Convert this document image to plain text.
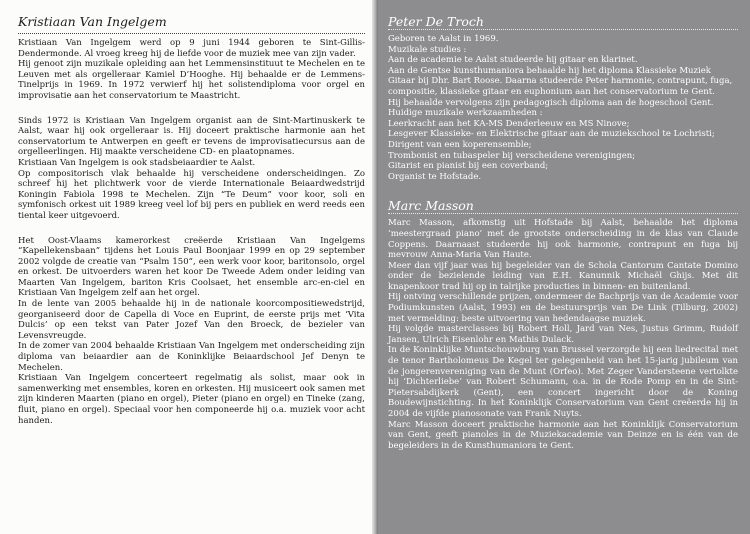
Kristiaan Van Ingelgem

Kristiaan Van Ingelgem werd op 9 juni 1944 geboren te Sint-Gillis-Dendermonde. Al vroeg kreeg hij de liefde voor de muziek mee van zijn vader.

Hij genoot zijn muzikale opleiding aan het Lemmensinstituut te Mechelen en te Leuven met als orgelleraar Kamiel D’Hooghe. Hij behaalde er de Lemmens-Tinelprijs in 1969. In 1972 verwierf hij het solistendiploma voor orgel en improvisatie aan het conservatorium te Maastricht.

Sinds 1972 is Kristiaan Van Ingelgem organist aan de Sint-Martinuskerk te Aalst, waar hij ook orgelleraar is. Hij doceert praktische harmonie aan het conservatorium te Antwerpen en geeft er tevens de improvisatiecursus aan de orgelleerlingen. Hij maakte verscheidene CD- en plaatopnames.

Kristiaan Van Ingelgem is ook stadsbeiaardier te Aalst.

Op compositorisch vlak behaalde hij verscheidene onderscheidingen. Zo schreef hij het plichtwerk voor de vierde Internationale Beiaardwedstrijd Koningin Fabiola 1998 te Mechelen. Zijn “Te Deum” voor koor, soli en symfonisch orkest uit 1989 kreeg veel lof bij pers en publiek en werd reeds een tiental keer uitgevoerd.

Het Oost-Vlaams kamerorkest creëerde Kristiaan Van Ingelgems “Kapellekensbaan” tijdens het Louis Paul Boonjaar 1999 en op 29 september 2002 volgde de creatie van “Psalm 150”, een werk voor koor, baritonsolo, orgel en orkest. De uitvoerders waren het koor De Tweede Adem onder leiding van Maarten Van Ingelgem, bariton Kris Coolsaet, het ensemble arc-en-ciel en Kristiaan Van Ingelgem zelf aan het orgel.

In de lente van 2005 behaalde hij in de nationale koorcompositiewedstrijd, georganiseerd door de Capella di Voce en Euprint, de eerste prijs met ‘Vita Dulcis’ op een tekst van Pater Jozef Van den Broeck, de bezieler van Levensvreugde.

In de zomer van 2004 behaalde Kristiaan Van Ingelgem met onderscheiding zijn diploma van beiaardier aan de Koninklijke Beiaardschool Jef Denyn te Mechelen.

Kristiaan Van Ingelgem concerteert regelmatig als solist, maar ook in samenwerking met ensembles, koren en orkesten. Hij musiceert ook samen met zijn kinderen Maarten (piano en orgel), Pieter (piano en orgel) en Tineke (zang, fluit, piano en orgel). Speciaal voor hen componeerde hij o.a. muziek voor acht handen.

Peter De Troch

Geboren te Aalst in 1969.

Muzikale studies :

Aan de academie te Aalst studeerde hij gitaar en klarinet.

Aan de Gentse kunsthumaniora behaalde hij het diploma Klassieke Muziek Gitaar bij Dhr. Bart Roose. Daarna studeerde Peter harmonie, contrapunt, fuga, compositie, klassieke gitaar en euphonium aan het conservatorium te Gent.

Hij behaalde vervolgens zijn pedagogisch diploma aan de hogeschool Gent.

Huidige muzikale werkzaamheden :

Leerkracht aan het KA-MS Denderleeuw en MS Ninove;

Lesgever Klassieke- en Elektrische gitaar aan de muziekschool te Lochristi;

Dirigent van een koperensemble;

Trombonist en tubaspeler bij verscheidene verenigingen;

Gitarist en pianist bij een coverband;

Organist te Hofstade.

Marc Masson

Marc Masson, afkomstig uit Hofstade bij Aalst, behaalde het diploma ‘meestergraad piano’ met de grootste onderscheiding in de klas van Claude Coppens. Daarnaast studeerde hij ook harmonie, contrapunt en fuga bij mevrouw Anna-Maria Van Haute.

Meer dan vijf jaar was hij begeleider van de Schola Cantorum Cantate Domino onder de bezielende leiding van E.H. Kanunnik Michaël Ghijs. Met dit knapenkoor trad hij op in talrijke producties in binnen- en buitenland.

Hij ontving verschillende prijzen, ondermeer de Bachprijs van de Academie voor Podiumkunsten (Aalst, 1993) en de bestuursprijs van De Link (Tilburg, 2002) met vermelding: beste uitvoering van hedendaagse muziek.

Hij volgde masterclasses bij Robert Holl, Jard van Nes, Justus Grimm, Rudolf Jansen, Ulrich Eisenlohr en Mathis Dulack.

In de Koninklijke Muntschouwburg van Brussel verzorgde hij een liedrecital met de tenor Bartholomeus De Kegel ter gelegenheid van het 15-jarig jubileum van de jongerenvereniging van de Munt (Orfeo). Met Zeger Vandersteene vertolkte hij ‘Dichterliebe’ van Robert Schumann, o.a. in de Rode Pomp en in de Sint-Pietersabdijkerk (Gent), een concert ingericht door de Koning Boudewijnstichting. In het Koninklijk Conservatorium van Gent creëerde hij in 2004 de vijfde pianosonate van Frank Nuyts.

Marc Masson doceert praktische harmonie aan het Koninklijk Conservatorium van Gent, geeft pianoles in de Muziekacademie van Deinze en is één van de begeleiders in de Kunsthumaniora te Gent.
